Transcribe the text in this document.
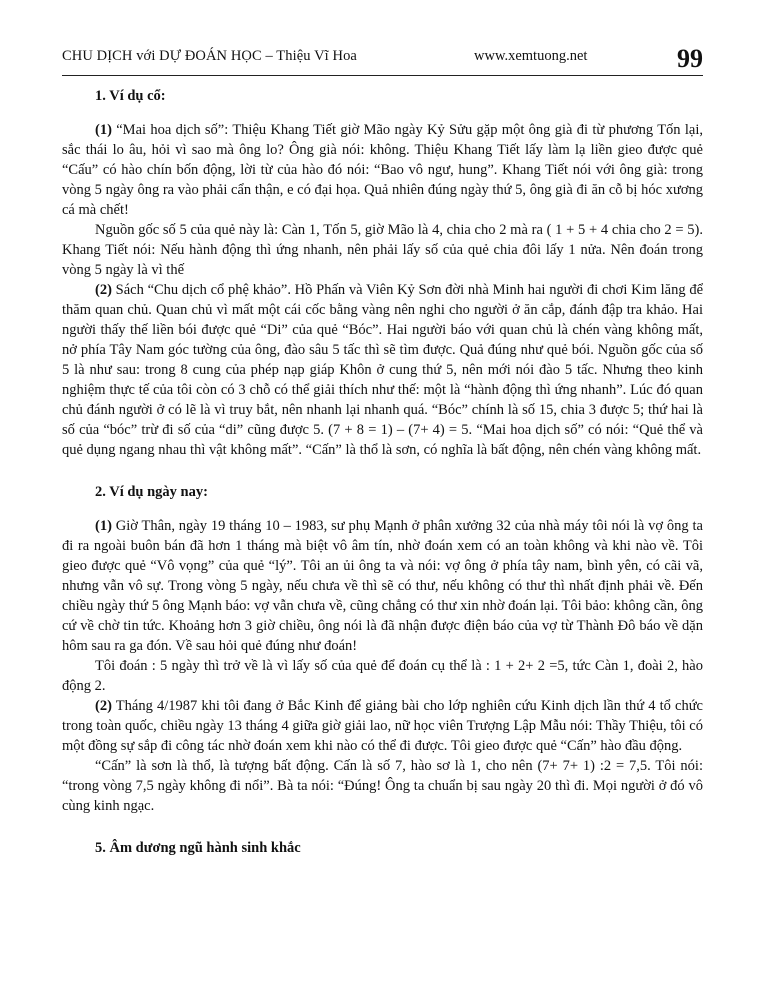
CHU DỊCH với DỰ ĐOÁN HỌC – Thiệu Vĩ Hoa	www.xemtuong.net	99
1. Ví dụ cổ:

(1) “Mai hoa dịch số”: Thiệu Khang Tiết giờ Mão ngày Kỷ Sửu gặp một ông già đi từ phương Tốn lại, sắc thái lo âu, hỏi vì sao mà ông lo? Ông già nói: không. Thiệu Khang Tiết lấy làm lạ liền gieo được quẻ “Cấu” có hào chín bốn động, lời từ của hào đó nói: “Bao vô ngư, hung”. Khang Tiết nói với ông già: trong vòng 5 ngày ông ra vào phải cẩn thận, e có đại họa. Quả nhiên đúng ngày thứ 5, ông già đi ăn cỗ bị hóc xương cá mà chết!

Nguồn gốc số 5 của quẻ này là: Càn 1, Tốn 5, giờ Mão là 4, chia cho 2 mà ra ( 1 + 5 + 4 chia cho 2 = 5). Khang Tiết nói: Nếu hành động thì ứng nhanh, nên phải lấy số của quẻ chia đôi lấy 1 nửa. Nên đoán trong vòng 5 ngày là vì thế

(2) Sách “Chu dịch cổ phệ khảo”. Hồ Phấn và Viên Kỷ Sơn đời nhà Minh hai người đi chơi Kim lăng để thăm quan chủ. Quan chủ vì mất một cái cốc bằng vàng nên nghi cho người ở ăn cắp, đánh đập tra khảo. Hai người thấy thế liền bói được quẻ “Di” của quẻ “Bóc”. Hai người báo với quan chủ là chén vàng không mất, nở phía Tây Nam góc tường của ông, đào sâu 5 tấc thì sẽ tìm được. Quả đúng như quẻ bói. Nguồn gốc của số 5 là như sau: trong 8 cung của phép nạp giáp Khôn ở cung thứ 5, nên mới nói đào 5 tấc. Nhưng theo kinh nghiệm thực tế của tôi còn có 3 chỗ có thể giải thích như thế: một là “hành động thì ứng nhanh”. Lúc đó quan chủ đánh người ở có lẽ là vì truy bắt, nên nhanh lại nhanh quá. “Bóc” chính là số 15, chia 3 được 5; thứ hai là số của “bóc” trừ đi số của “di” cũng được 5. (7 + 8 = 1) – (7+ 4) = 5. “Mai hoa dịch số” có nói: “Quẻ thể và quẻ dụng ngang nhau thì vật không mất”. “Cấn” là thổ là sơn, có nghĩa là bất động, nên chén vàng không mất.

2. Ví dụ ngày nay:

(1) Giờ Thân, ngày 19 tháng 10 – 1983, sư phụ Mạnh ở phân xưởng 32 của nhà máy tôi nói là vợ ông ta đi ra ngoài buôn bán đã hơn 1 tháng mà biệt vô âm tín, nhờ đoán xem có an toàn không và khi nào về. Tôi gieo được quẻ “Vô vọng” của quẻ “lý”. Tôi an ủi ông ta và nói: vợ ông ở phía tây nam, bình yên, có cãi vã, nhưng vẫn vô sự. Trong vòng 5 ngày, nếu chưa về thì sẽ có thư, nếu không có thư thì nhất định phải về. Đến chiều ngày thứ 5 ông Mạnh báo: vợ vẫn chưa về, cũng chẳng có thư xin nhờ đoán lại. Tôi bảo: không cần, ông cứ về chờ tin tức. Khoảng hơn 3 giờ chiều, ông nói là đã nhận được điện báo của vợ từ Thành Đô báo về dặn hôm sau ra ga đón. Về sau hỏi quẻ đúng như đoán!

Tôi đoán : 5 ngày thì trở về là vì lấy số của quẻ để đoán cụ thể là : 1 + 2+ 2 =5, tức Càn 1, đoài 2, hào động 2.

(2) Tháng 4/1987 khi tôi đang ở Bắc Kinh để giảng bài cho lớp nghiên cứu Kinh dịch lần thứ 4 tổ chức trong toàn quốc, chiều ngày 13 tháng 4 giữa giờ giải lao, nữ học viên Trượng Lập Mẫu nói: Thầy Thiệu, tôi có một đồng sự sắp đi công tác nhờ đoán xem khi nào có thể đi được. Tôi gieo được quẻ “Cấn” hào đầu động.

“Cấn” là sơn là thổ, là tượng bất động. Cấn là số 7, hào sơ là 1, cho nên (7+ 7+ 1) :2 = 7,5. Tôi nói: “trong vòng 7,5 ngày không đi nổi”. Bà ta nói: “Đúng! Ông ta chuẩn bị sau ngày 20 thì đi. Mọi người ở đó vô cùng kinh ngạc.

5. Âm dương ngũ hành sinh khắc
